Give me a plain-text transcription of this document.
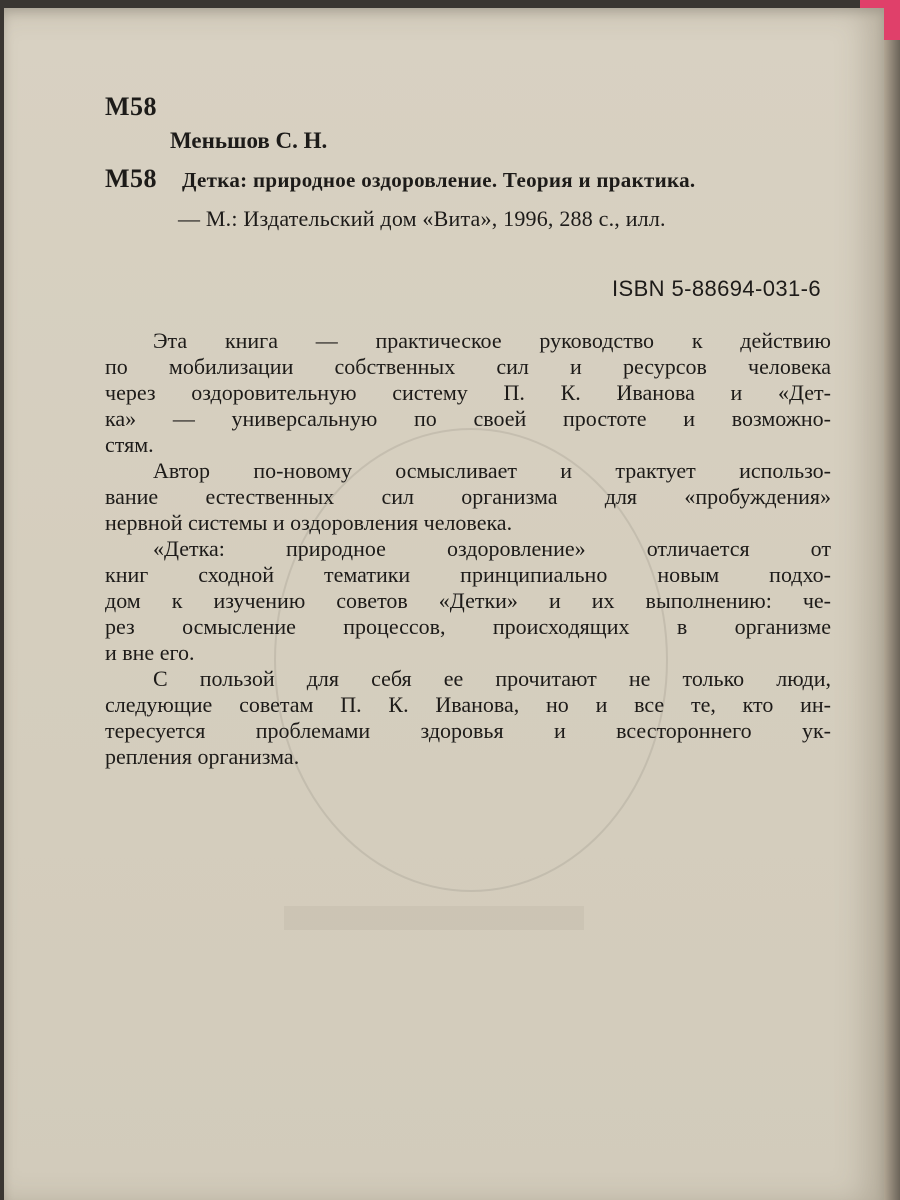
М58
Меньшов С. Н.
М58 Детка: природное оздоровление. Теория и практика.
— М.: Издательский дом «Вита», 1996, 288 с., илл.
ISBN 5-88694-031-6
Эта книга — практическое руководство к действию
по мобилизации собственных сил и ресурсов человека
через оздоровительную систему П. К. Иванова и «Дет-
ка» — универсальную по своей простоте и возможно-
стям.
Автор по-новому осмысливает и трактует использо-
вание естественных сил организма для «пробуждения»
нервной системы и оздоровления человека.
«Детка: природное оздоровление» отличается от
книг сходной тематики принципиально новым подхо-
дом к изучению советов «Детки» и их выполнению: че-
рез осмысление процессов, происходящих в организме
и вне его.
С пользой для себя ее прочитают не только люди,
следующие советам П. К. Иванова, но и все те, кто ин-
тересуется проблемами здоровья и всестороннего ук-
репления организма.
